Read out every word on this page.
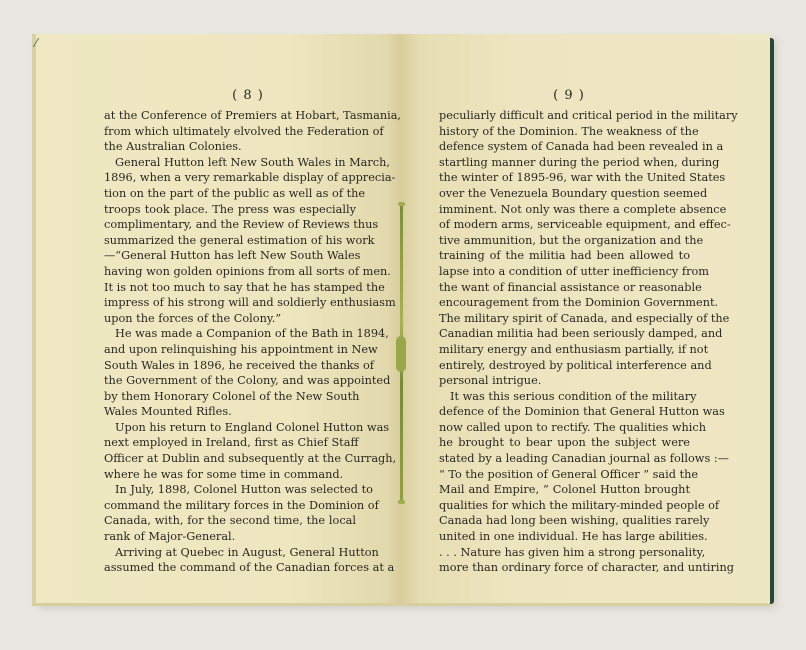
⁄
( 8 )
at the Conference of Premiers at Hobart, Tasmania,
from which ultimately elvolved the Federation of
the Australian Colonies.
General Hutton left New South Wales in March,
1896, when a very remarkable display of apprecia-
tion on the part of the public as well as of the
troops took place. The press was especially
complimentary, and the Review of Reviews thus
summarized the general estimation of his work
—“General Hutton has left New South Wales
having won golden opinions from all sorts of men.
It is not too much to say that he has stamped the
impress of his strong will and soldierly enthusiasm
upon the forces of the Colony.”
He was made a Companion of the Bath in 1894,
and upon relinquishing his appointment in New
South Wales in 1896, he received the thanks of
the Government of the Colony, and was appointed
by them Honorary Colonel of the New South
Wales Mounted Rifles.
Upon his return to England Colonel Hutton was
next employed in Ireland, first as Chief Staff
Officer at Dublin and subsequently at the Curragh,
where he was for some time in command.
In July, 1898, Colonel Hutton was selected to
command the military forces in the Dominion of
Canada, with, for the second time, the local
rank of Major-General.
Arriving at Quebec in August, General Hutton
assumed the command of the Canadian forces at a
( 9 )
peculiarly difficult and critical period in the military
history of the Dominion. The weakness of the
defence system of Canada had been revealed in a
startling manner during the period when, during
the winter of 1895-96, war with the United States
over the Venezuela Boundary question seemed
imminent. Not only was there a complete absence
of modern arms, serviceable equipment, and effec-
tive ammunition, but the organization and the
training of the militia had been allowed to
lapse into a condition of utter inefficiency from
the want of financial assistance or reasonable
encouragement from the Dominion Government.
The military spirit of Canada, and especially of the
Canadian militia had been seriously damped, and
military energy and enthusiasm partially, if not
entirely, destroyed by political interference and
personal intrigue.
It was this serious condition of the military
defence of the Dominion that General Hutton was
now called upon to rectify. The qualities which
he brought to bear upon the subject were
stated by a leading Canadian journal as follows :—
“ To the position of General Officer ” said the
Mail and Empire, “ Colonel Hutton brought
qualities for which the military-minded people of
Canada had long been wishing, qualities rarely
united in one individual. He has large abilities.
. . . Nature has given him a strong personality,
more than ordinary force of character, and untiring
